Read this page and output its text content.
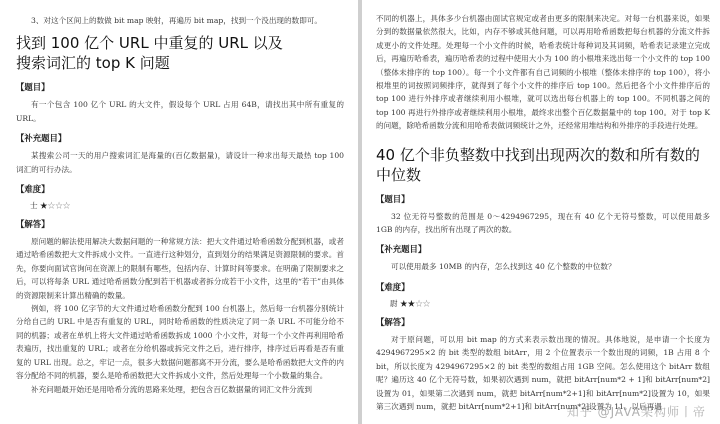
3、对这个区间上的数做 bit map 映射，再遍历 bit map，找到一个没出现的数即可。

找到 100 亿个 URL 中重复的 URL 以及
搜索词汇的 top K 问题
【题目】

有一个包含 100 亿个 URL 的大文件，假设每个 URL 占用 64B，请找出其中所有重复的 URL。

【补充题目】

某搜索公司一天的用户搜索词汇是海量的(百亿数据量)，请设计一种求出每天最热 top 100 词汇的可行办法。

【难度】
士 ★☆☆☆
【解答】

原问题的解法使用解决大数据问题的一种常规方法：把大文件通过哈希函数分配到机器，或者通过哈希函数把大文件拆成小文件。一直进行这种划分，直到划分的结果满足资源限制的要求。首先，你要向面试官询问在资源上的限制有哪些，包括内存、计算时间等要求。在明确了限制要求之后，可以将每条 URL 通过哈希函数分配到若干机器或者拆分成若干小文件，这里的“若干”由具体的资源限制来计算出精确的数量。

例如，将 100 亿字节的大文件通过哈希函数分配到 100 台机器上，然后每一台机器分别统计分给自己的 URL 中是否有重复的 URL，同时哈希函数的性质决定了同一条 URL 不可能分给不同的机器；或者在单机上将大文件通过哈希函数拆成 1000 个小文件，对每一个小文件再利用哈希表遍历，找出重复的 URL；或者在分给机器或拆完文件之后，进行排序，排序过后再看是否有重复的 URL 出现。总之，牢记一点，很多大数据问题都离不开分流，要么是哈希函数把大文件的内容分配给不同的机器，要么是哈希函数把大文件拆成小文件，然后处理每一个小数量的集合。

补充问题最开始还是用哈希分流的思路来处理，把包含百亿数据量的词汇文件分流到

不同的机器上，具体多少台机器由面试官规定或者由更多的限制来决定。对每一台机器来说，如果分到的数据量依然很大，比如，内存不够或其他问题，可以再用哈希函数把每台机器的分流文件拆成更小的文件处理。处理每一个小文件的时候，哈希表统计每种词及其词频，哈希表记录建立完成后，再遍历哈希表，遍历哈希表的过程中使用大小为 100 的小根堆来选出每一个小文件的 top 100（整体未排序的 top 100）。每一个小文件都有自己词频的小根堆（整体未排序的 top 100），将小根堆里的词按照词频排序，就得到了每个小文件的排序后 top 100。然后把各个小文件排序后的 top 100 进行外排序或者继续利用小根堆，就可以选出每台机器上的 top 100。不同机器之间的 top 100 再进行外排序或者继续利用小根堆，最终求出整个百亿数据量中的 top 100。对于 top K 的问题，除哈希函数分流和用哈希表做词频统计之外，还经常用堆结构和外排序的手段进行处理。

40 亿个非负整数中找到出现两次的数和所有数的中位数
【题目】

32 位无符号整数的范围是 0～4294967295，现在有 40 亿个无符号整数，可以使用最多 1GB 的内存，找出所有出现了两次的数。

【补充题目】

可以使用最多 10MB 的内存，怎么找到这 40 亿个整数的中位数？

【难度】
尉 ★★☆☆
【解答】

对于原问题，可以用 bit map 的方式来表示数出现的情况。具体地说，是申请一个长度为 4294967295×2 的 bit 类型的数组 bitArr，用 2 个位置表示一个数出现的词频，1B 占用 8 个 bit，所以长度为 4294967295×2 的 bit 类型的数组占用 1GB 空间。怎么使用这个 bitArr 数组呢？遍历这 40 亿个无符号数，如果初次遇到 num，就把 bitArr[num*2 + 1]和 bitArr[num*2]设置为 01，如果第二次遇到 num，就把 bitArr[num*2+1]和 bitArr[num*2]设置为 10，如果第三次遇到 num，就把 bitArr[num*2+1]和 bitArr[num*2]设置为 11。以后再遇

知乎 @JAVA架构师丨帝
